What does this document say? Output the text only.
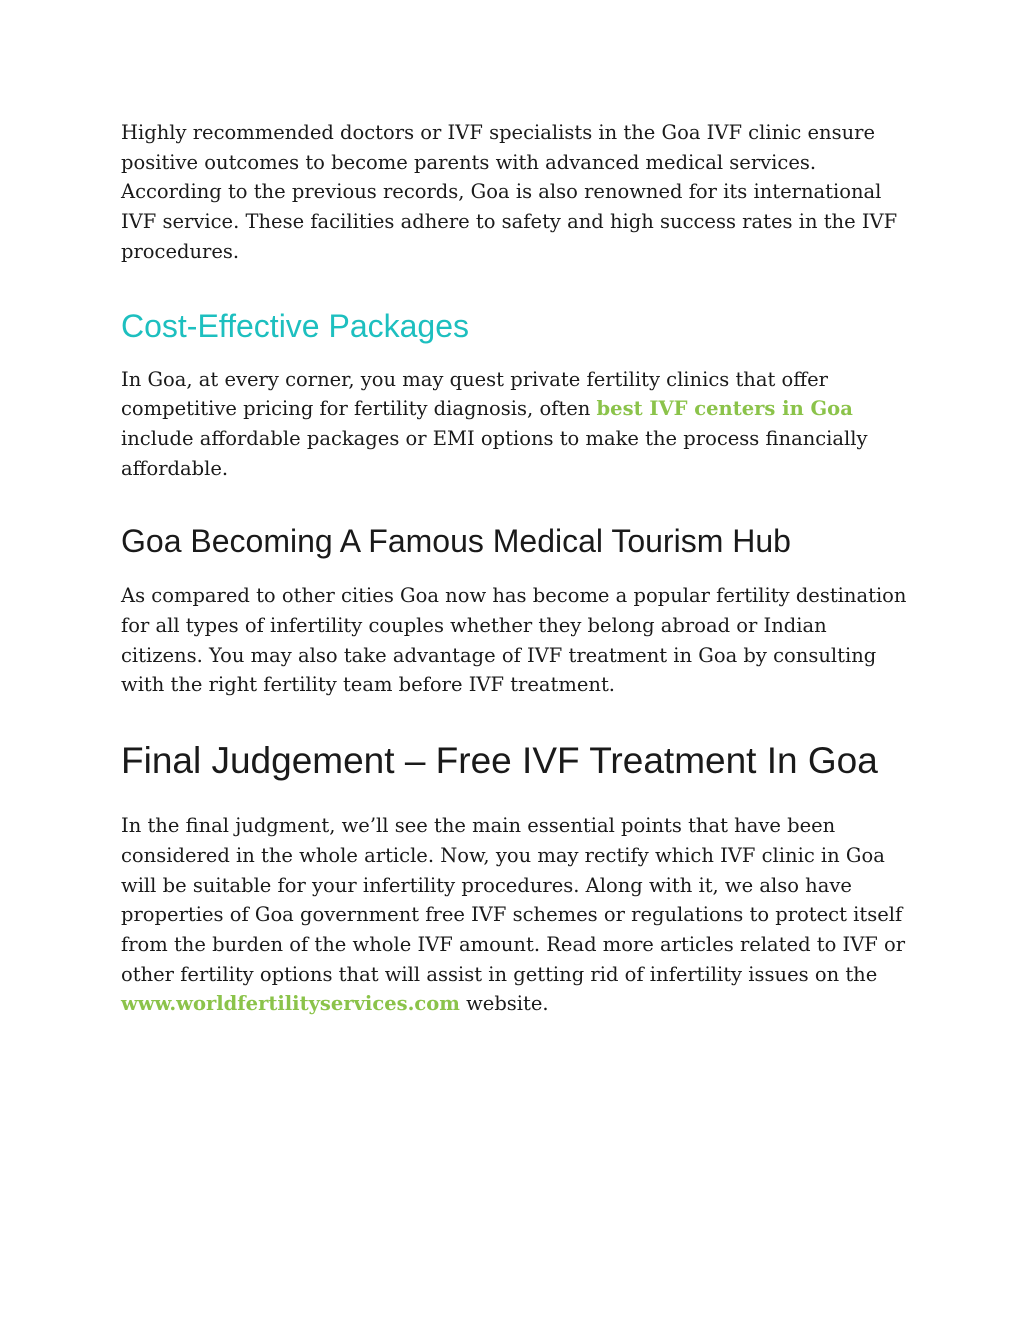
Highly recommended doctors or IVF specialists in the Goa IVF clinic ensure positive outcomes to become parents with advanced medical services. According to the previous records, Goa is also renowned for its international IVF service. These facilities adhere to safety and high success rates in the IVF procedures.

Cost-Effective Packages

In Goa, at every corner, you may quest private fertility clinics that offer competitive pricing for fertility diagnosis, often best IVF centers in Goa include affordable packages or EMI options to make the process financially affordable.

Goa Becoming A Famous Medical Tourism Hub

As compared to other cities Goa now has become a popular fertility destination for all types of infertility couples whether they belong abroad or Indian citizens. You may also take advantage of IVF treatment in Goa by consulting with the right fertility team before IVF treatment.

Final Judgement – Free IVF Treatment In Goa

In the final judgment, we’ll see the main essential points that have been considered in the whole article. Now, you may rectify which IVF clinic in Goa will be suitable for your infertility procedures. Along with it, we also have properties of Goa government free IVF schemes or regulations to protect itself from the burden of the whole IVF amount. Read more articles related to IVF or other fertility options that will assist in getting rid of infertility issues on the www.worldfertilityservices.com website.
